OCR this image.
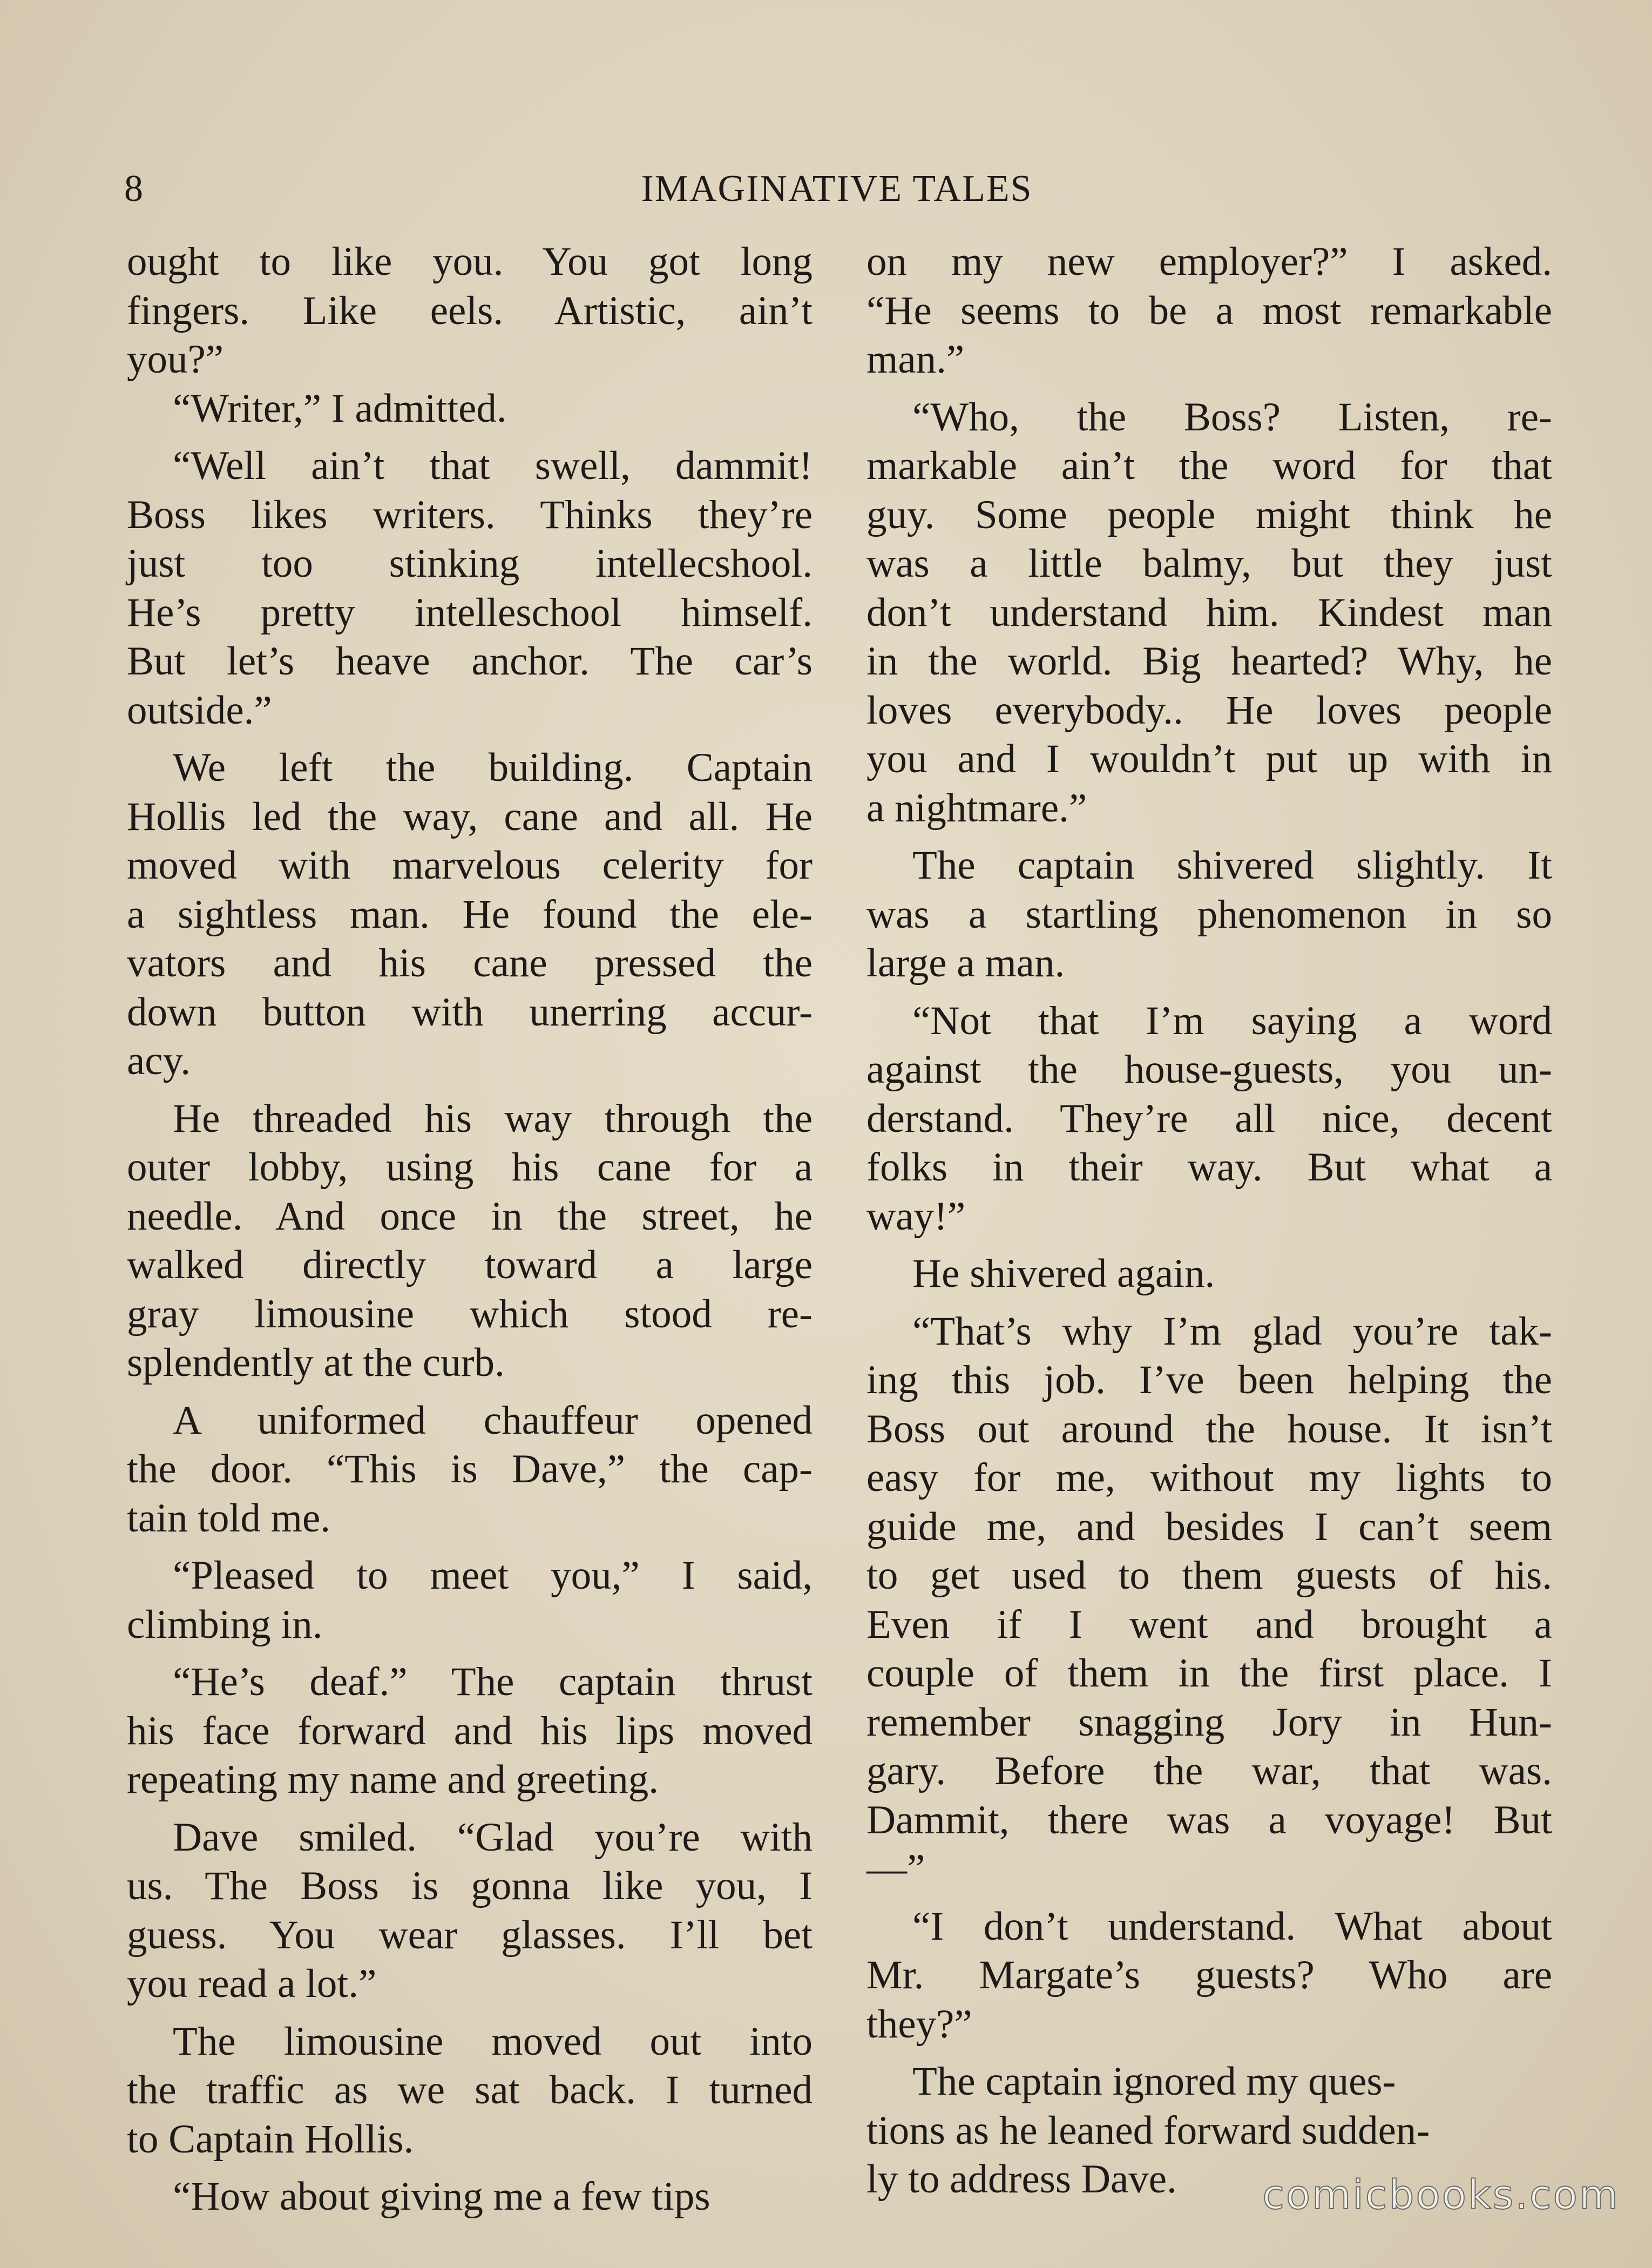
8	IMAGINATIVE TALES

ought to like you. You got long
fingers. Like eels. Artistic, ain’t
you?”

“Writer,” I admitted.

“Well ain’t that swell, dammit!
Boss likes writers. Thinks they’re
just too stinking intellecshool.
He’s pretty intelleschool himself.
But let’s heave anchor. The car’s
outside.”

We left the building. Captain
Hollis led the way, cane and all. He
moved with marvelous celerity for
a sightless man. He found the ele-
vators and his cane pressed the
down button with unerring accur-
acy.

He threaded his way through the
outer lobby, using his cane for a
needle. And once in the street, he
walked directly toward a large
gray limousine which stood re-
splendently at the curb.

A uniformed chauffeur opened
the door. “This is Dave,” the cap-
tain told me.

“Pleased to meet you,” I said,
climbing in.

“He’s deaf.” The captain thrust
his face forward and his lips moved
repeating my name and greeting.

Dave smiled. “Glad you’re with
us. The Boss is gonna like you, I
guess. You wear glasses. I’ll bet
you read a lot.”

The limousine moved out into
the traffic as we sat back. I turned
to Captain Hollis.

“How about giving me a few tips

on my new employer?” I asked.
“He seems to be a most remarkable
man.”

“Who, the Boss? Listen, re-
markable ain’t the word for that
guy. Some people might think he
was a little balmy, but they just
don’t understand him. Kindest man
in the world. Big hearted? Why, he
loves everybody.. He loves people
you and I wouldn’t put up with in
a nightmare.”

The captain shivered slightly. It
was a startling phenomenon in so
large a man.

“Not that I’m saying a word
against the house-guests, you un-
derstand. They’re all nice, decent
folks in their way. But what a
way!”

He shivered again.

“That’s why I’m glad you’re tak-
ing this job. I’ve been helping the
Boss out around the house. It isn’t
easy for me, without my lights to
guide me, and besides I can’t seem
to get used to them guests of his.
Even if I went and brought a
couple of them in the first place. I
remember snagging Jory in Hun-
gary. Before the war, that was.
Dammit, there was a voyage! But
—”

“I don’t understand. What about
Mr. Margate’s guests? Who are
they?”

The captain ignored my ques-
tions as he leaned forward sudden-
ly to address Dave.	comicbooks.com
